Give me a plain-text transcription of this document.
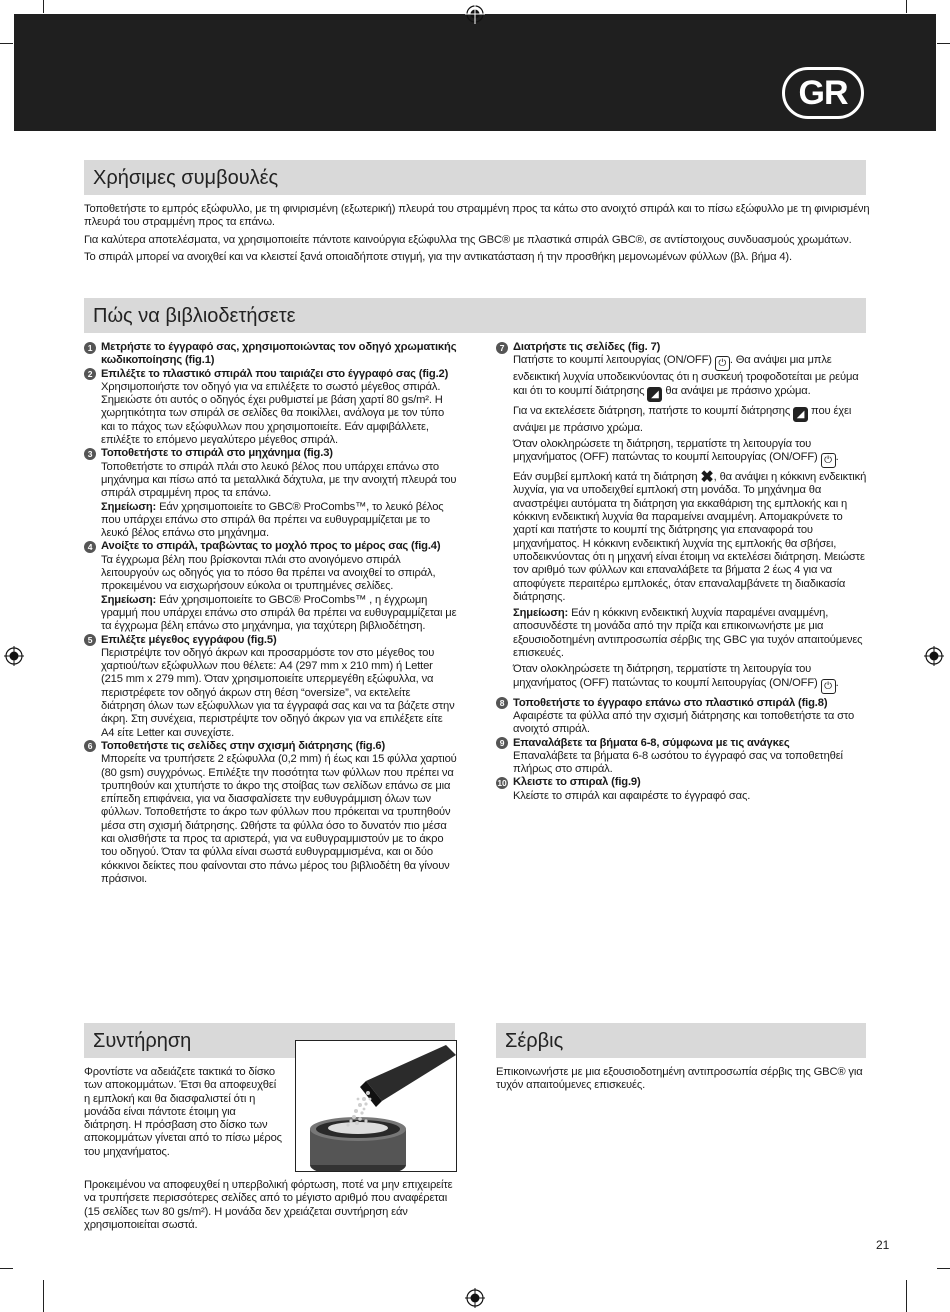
GR
Χρήσιμες συμβουλές

Τοποθετήστε το εμπρός εξώφυλλο, με τη φινιρισμένη (εξωτερική) πλευρά του στραμμένη προς τα κάτω στο ανοιχτό σπιράλ και το πίσω εξώφυλλο με τη φινιρισμένη πλευρά του στραμμένη προς τα επάνω.

Για καλύτερα αποτελέσματα, να χρησιμοποιείτε πάντοτε καινούργια εξώφυλλα της GBC® με πλαστικά σπιράλ GBC®, σε αντίστοιχους συνδυασμούς χρωμάτων.

Το σπιράλ μπορεί να ανοιχθεί και να κλειστεί ξανά οποιαδήποτε στιγμή, για την αντικατάσταση ή την προσθήκη μεμονωμένων φύλλων (βλ. βήμα 4).

Πώς να βιβλιοδετήσετε
1 Μετρήστε το έγγραφό σας, χρησιμοποιώντας τον οδηγό χρωματικής κωδικοποίησης (fig.1)
2 Επιλέξτε το πλαστικό σπιράλ που ταιριάζει στο έγγραφό σας (fig.2)
Χρησιμοποιήστε τον οδηγό για να επιλέξετε το σωστό μέγεθος σπιράλ. Σημειώστε ότι αυτός ο οδηγός έχει ρυθμιστεί με βάση χαρτί 80 gs/m². Η χωρητικότητα των σπιράλ σε σελίδες θα ποικίλλει, ανάλογα με τον τύπο και το πάχος των εξώφυλλων που χρησιμοποιείτε. Εάν αμφιβάλλετε, επιλέξτε το επόμενο μεγαλύτερο μέγεθος σπιράλ.
3 Τοποθετήστε το σπιράλ στο μηχάνημα (fig.3)
Τοποθετήστε το σπιράλ πλάι στο λευκό βέλος που υπάρχει επάνω στο μηχάνημα και πίσω από τα μεταλλικά δάχτυλα, με την ανοιχτή πλευρά του σπιράλ στραμμένη προς τα επάνω.
Σημείωση: Εάν χρησιμοποιείτε το GBC® ProCombs™, το λευκό βέλος που υπάρχει επάνω στο σπιράλ θα πρέπει να ευθυγραμμίζεται με το λευκό βέλος επάνω στο μηχάνημα.
4 Ανοίξτε το σπιράλ, τραβώντας το μοχλό προς το μέρος σας (fig.4)
Τα έγχρωμα βέλη που βρίσκονται πλάι στο ανοιγόμενο σπιράλ λειτουργούν ως οδηγός για το πόσο θα πρέπει να ανοιχθεί το σπιράλ, προκειμένου να εισχωρήσουν εύκολα οι τρυπημένες σελίδες.
Σημείωση: Εάν χρησιμοποιείτε το GBC® ProCombs™ , η έγχρωμη γραμμή που υπάρχει επάνω στο σπιράλ θα πρέπει να ευθυγραμμίζεται με τα έγχρωμα βέλη επάνω στο μηχάνημα, για ταχύτερη βιβλιοδέτηση.
5 Επιλέξτε μέγεθος εγγράφου (fig.5)
Περιστρέψτε τον οδηγό άκρων και προσαρμόστε τον στο μέγεθος του χαρτιού/των εξώφυλλων που θέλετε: A4 (297 mm x 210 mm) ή Letter (215 mm x 279 mm). Όταν χρησιμοποιείτε υπερμεγέθη εξώφυλλα, να περιστρέφετε τον οδηγό άκρων στη θέση “oversize”, να εκτελείτε διάτρηση όλων των εξώφυλλων για τα έγγραφά σας και να τα βάζετε στην άκρη. Στη συνέχεια, περιστρέψτε τον οδηγό άκρων για να επιλέξετε είτε A4 είτε Letter και συνεχίστε.
6 Τοποθετήστε τις σελίδες στην σχισμή διάτρησης (fig.6)
Μπορείτε να τρυπήσετε 2 εξώφυλλα (0,2 mm) ή έως και 15 φύλλα χαρτιού (80 gsm) συγχρόνως. Επιλέξτε την ποσότητα των φύλλων που πρέπει να τρυπηθούν και χτυπήστε το άκρο της στοίβας των σελίδων επάνω σε μια επίπεδη επιφάνεια, για να διασφαλίσετε την ευθυγράμμιση όλων των φύλλων. Τοποθετήστε το άκρο των φύλλων που πρόκειται να τρυπηθούν μέσα στη σχισμή διάτρησης. Ωθήστε τα φύλλα όσο το δυνατόν πιο μέσα και ολισθήστε τα προς τα αριστερά, για να ευθυγραμμιστούν με το άκρο του οδηγού. Όταν τα φύλλα είναι σωστά ευθυγραμμισμένα, και οι δύο κόκκινοι δείκτες που φαίνονται στο πάνω μέρος του βιβλιοδέτη θα γίνουν πράσινοι.
7 Διατρήστε τις σελίδες (fig. 7)

Πατήστε το κουμπί λειτουργίας (ON/OFF) ⏻ . Θα ανάψει μια μπλε ενδεικτική λυχνία υποδεικνύοντας ότι η συσκευή τροφοδοτείται με ρεύμα και ότι το κουμπί διάτρησης ◢ θα ανάψει με πράσινο χρώμα.

Για να εκτελέσετε διάτρηση, πατήστε το κουμπί διάτρησης ◢ που έχει ανάψει με πράσινο χρώμα.

Όταν ολοκληρώσετε τη διάτρηση, τερματίστε τη λειτουργία του μηχανήματος (OFF) πατώντας το κουμπί λειτουργίας (ON/OFF) ⏻ .

Εάν συμβεί εμπλοκή κατά τη διάτρηση ✖, θα ανάψει η κόκκινη ενδεικτική λυχνία, για να υποδειχθεί εμπλοκή στη μονάδα. Το μηχάνημα θα αναστρέψει αυτόματα τη διάτρηση για εκκαθάριση της εμπλοκής και η κόκκινη ενδεικτική λυχνία θα παραμείνει αναμμένη. Απομακρύνετε το χαρτί και πατήστε το κουμπί της διάτρησης για επαναφορά του μηχανήματος. Η κόκκινη ενδεικτική λυχνία της εμπλοκής θα σβήσει, υποδεικνύοντας ότι η μηχανή είναι έτοιμη να εκτελέσει διάτρηση. Μειώστε τον αριθμό των φύλλων και επαναλάβετε τα βήματα 2 έως 4 για να αποφύγετε περαιτέρω εμπλοκές, όταν επαναλαμβάνετε τη διαδικασία διάτρησης.

Σημείωση: Εάν η κόκκινη ενδεικτική λυχνία παραμένει αναμμένη, αποσυνδέστε τη μονάδα από την πρίζα και επικοινωνήστε με μια εξουσιοδοτημένη αντιπροσωπία σέρβις της GBC για τυχόν απαιτούμενες επισκευές.

Όταν ολοκληρώσετε τη διάτρηση, τερματίστε τη λειτουργία του μηχανήματος (OFF) πατώντας το κουμπί λειτουργίας (ON/OFF) ⏻ .

8 Τοποθετήστε το έγγραφο επάνω στο πλαστικό σπιράλ (fig.8)
Αφαιρέστε τα φύλλα από την σχισμή διάτρησης και τοποθετήστε τα στο ανοιχτό σπιράλ.
9 Επαναλάβετε τα βήματα 6-8, σύμφωνα με τις ανάγκες
Επαναλάβετε τα βήματα 6-8 ωσότου το έγγραφό σας να τοποθετηθεί πλήρως στο σπιράλ.
10 Κλειστε το σπιραλ (fig.9)
Κλείστε το σπιράλ και αφαιρέστε το έγγραφό σας.
Συντήρηση

Φροντίστε να αδειάζετε τακτικά το δίσκο των αποκομμάτων. Έτσι θα αποφευχθεί η εμπλοκή και θα διασφαλιστεί ότι η μονάδα είναι πάντοτε έτοιμη για διάτρηση. Η πρόσβαση στο δίσκο των αποκομμάτων γίνεται από το πίσω μέρος του μηχανήματος.

Προκειμένου να αποφευχθεί η υπερβολική φόρτωση, ποτέ να μην επιχειρείτε να τρυπήσετε περισσότερες σελίδες από το μέγιστο αριθμό που αναφέρεται (15 σελίδες των 80 gs/m²). Η μονάδα δεν χρειάζεται συντήρηση εάν χρησιμοποιείται σωστά.

Σέρβις

Επικοινωνήστε με μια εξουσιοδοτημένη αντιπροσωπία σέρβις της GBC® για τυχόν απαιτούμενες επισκευές.

21
